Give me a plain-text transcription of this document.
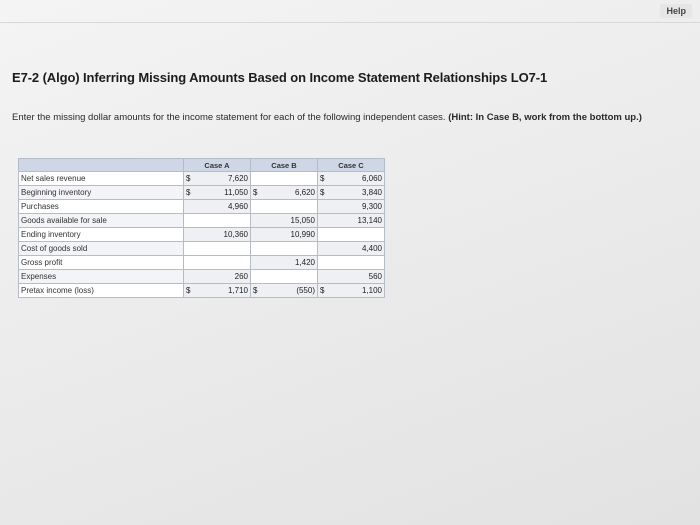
Help
E7-2 (Algo) Inferring Missing Amounts Based on Income Statement Relationships LO7-1
Enter the missing dollar amounts for the income statement for each of the following independent cases. (Hint: In Case B, work from the bottom up.)
	Case A		Case B		Case C	
Net sales revenue	$	7,620			$	6,060
Beginning inventory	$	11,050	$	6,620	$	3,840
Purchases		4,960				9,300
Goods available for sale				15,050		13,140
Ending inventory		10,360		10,990		
Cost of goods sold						4,400
Gross profit				1,420		
Expenses		260				560
Pretax income (loss)	$	1,710	$	(550)	$	1,100
